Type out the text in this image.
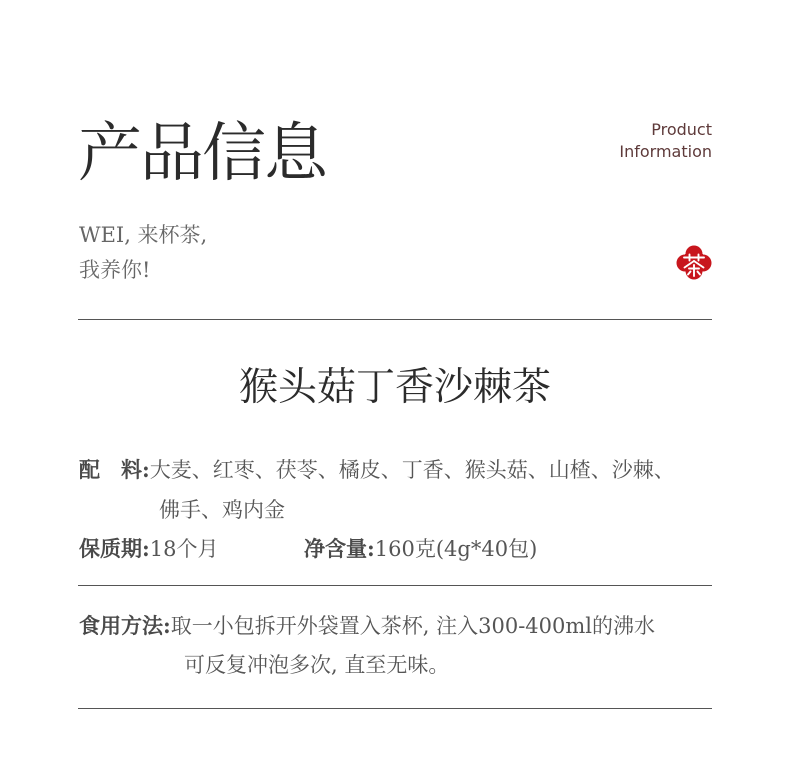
产品信息	Product
Information
WEI, 来杯茶,
我养你!
猴头菇丁香沙棘茶
配　料:大麦、红枣、茯苓、橘皮、丁香、猴头菇、山楂、沙棘、
佛手、鸡内金
保质期:18个月	净含量:160克(4g*40包)
食用方法:取一小包拆开外袋置入茶杯, 注入300-400ml的沸水
可反复冲泡多次, 直至无味。
